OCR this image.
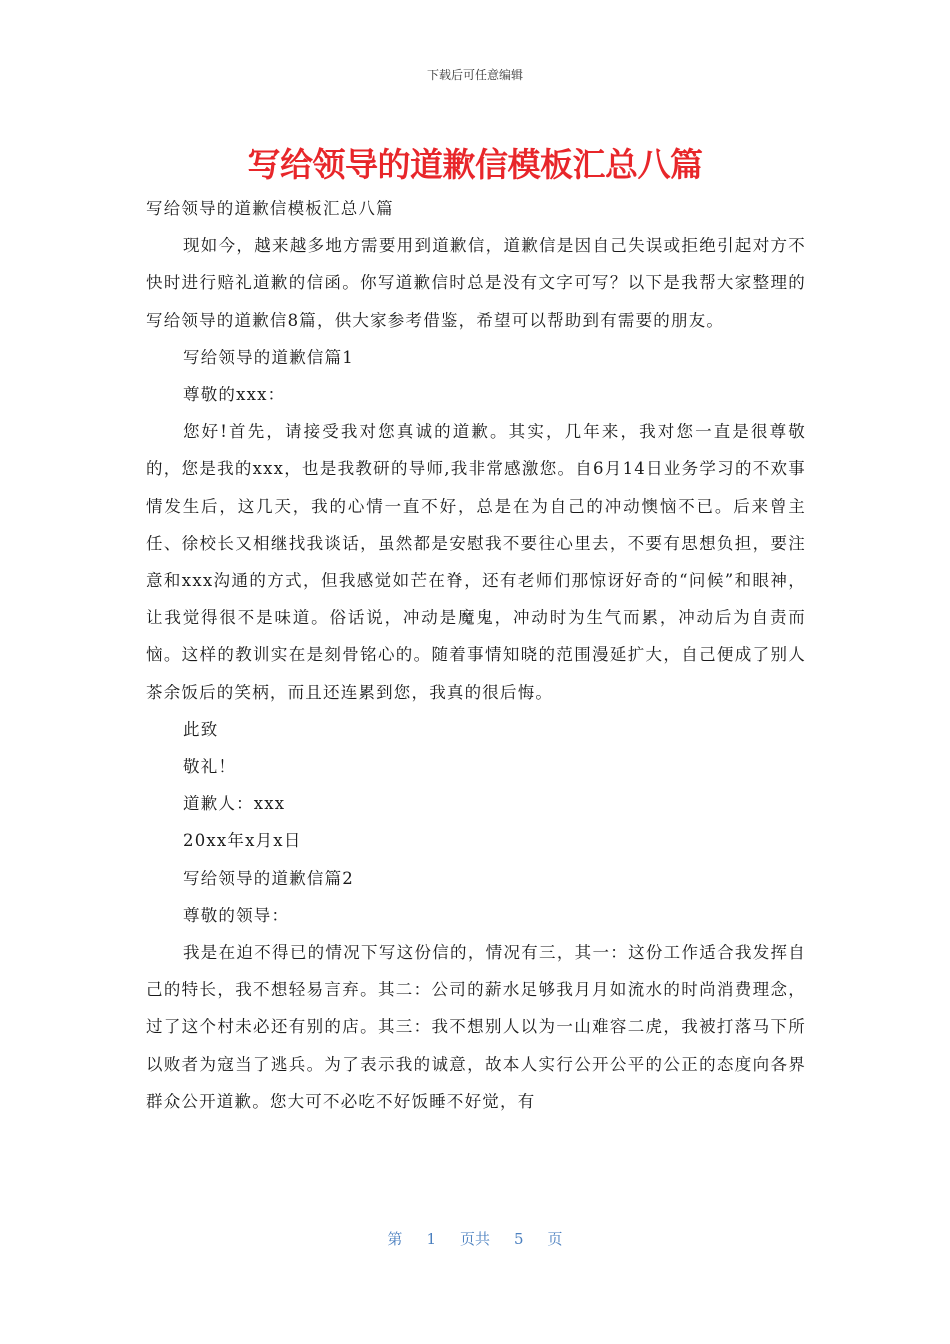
下载后可任意编辑
写给领导的道歉信模板汇总八篇

写给领导的道歉信模板汇总八篇

现如今，越来越多地方需要用到道歉信，道歉信是因自己失误或拒绝引起对方不快时进行赔礼道歉的信函。你写道歉信时总是没有文字可写？以下是我帮大家整理的写给领导的道歉信8篇，供大家参考借鉴，希望可以帮助到有需要的朋友。

写给领导的道歉信篇1

尊敬的xxx：

您好!首先，请接受我对您真诚的道歉。其实，几年来，我对您一直是很尊敬的，您是我的xxx，也是我教研的导师,我非常感激您。自6月14日业务学习的不欢事情发生后，这几天，我的心情一直不好，总是在为自己的冲动懊恼不已。后来曾主任、徐校长又相继找我谈话，虽然都是安慰我不要往心里去，不要有思想负担，要注意和xxx沟通的方式，但我感觉如芒在脊，还有老师们那惊讶好奇的“问候”和眼神，让我觉得很不是味道。俗话说，冲动是魔鬼，冲动时为生气而累，冲动后为自责而恼。这样的教训实在是刻骨铭心的。随着事情知晓的范围漫延扩大，自己便成了别人茶余饭后的笑柄，而且还连累到您，我真的很后悔。

此致

敬礼！

道歉人：xxx

20xx年x月x日

写给领导的道歉信篇2

尊敬的领导：

我是在迫不得已的情况下写这份信的，情况有三，其一：这份工作适合我发挥自己的特长，我不想轻易言弃。其二：公司的薪水足够我月月如流水的时尚消费理念，过了这个村未必还有别的店。其三：我不想别人以为一山难容二虎，我被打落马下所以败者为寇当了逃兵。为了表示我的诚意，故本人实行公开公平的公正的态度向各界群众公开道歉。您大可不必吃不好饭睡不好觉，有

第 1 页共 5 页
